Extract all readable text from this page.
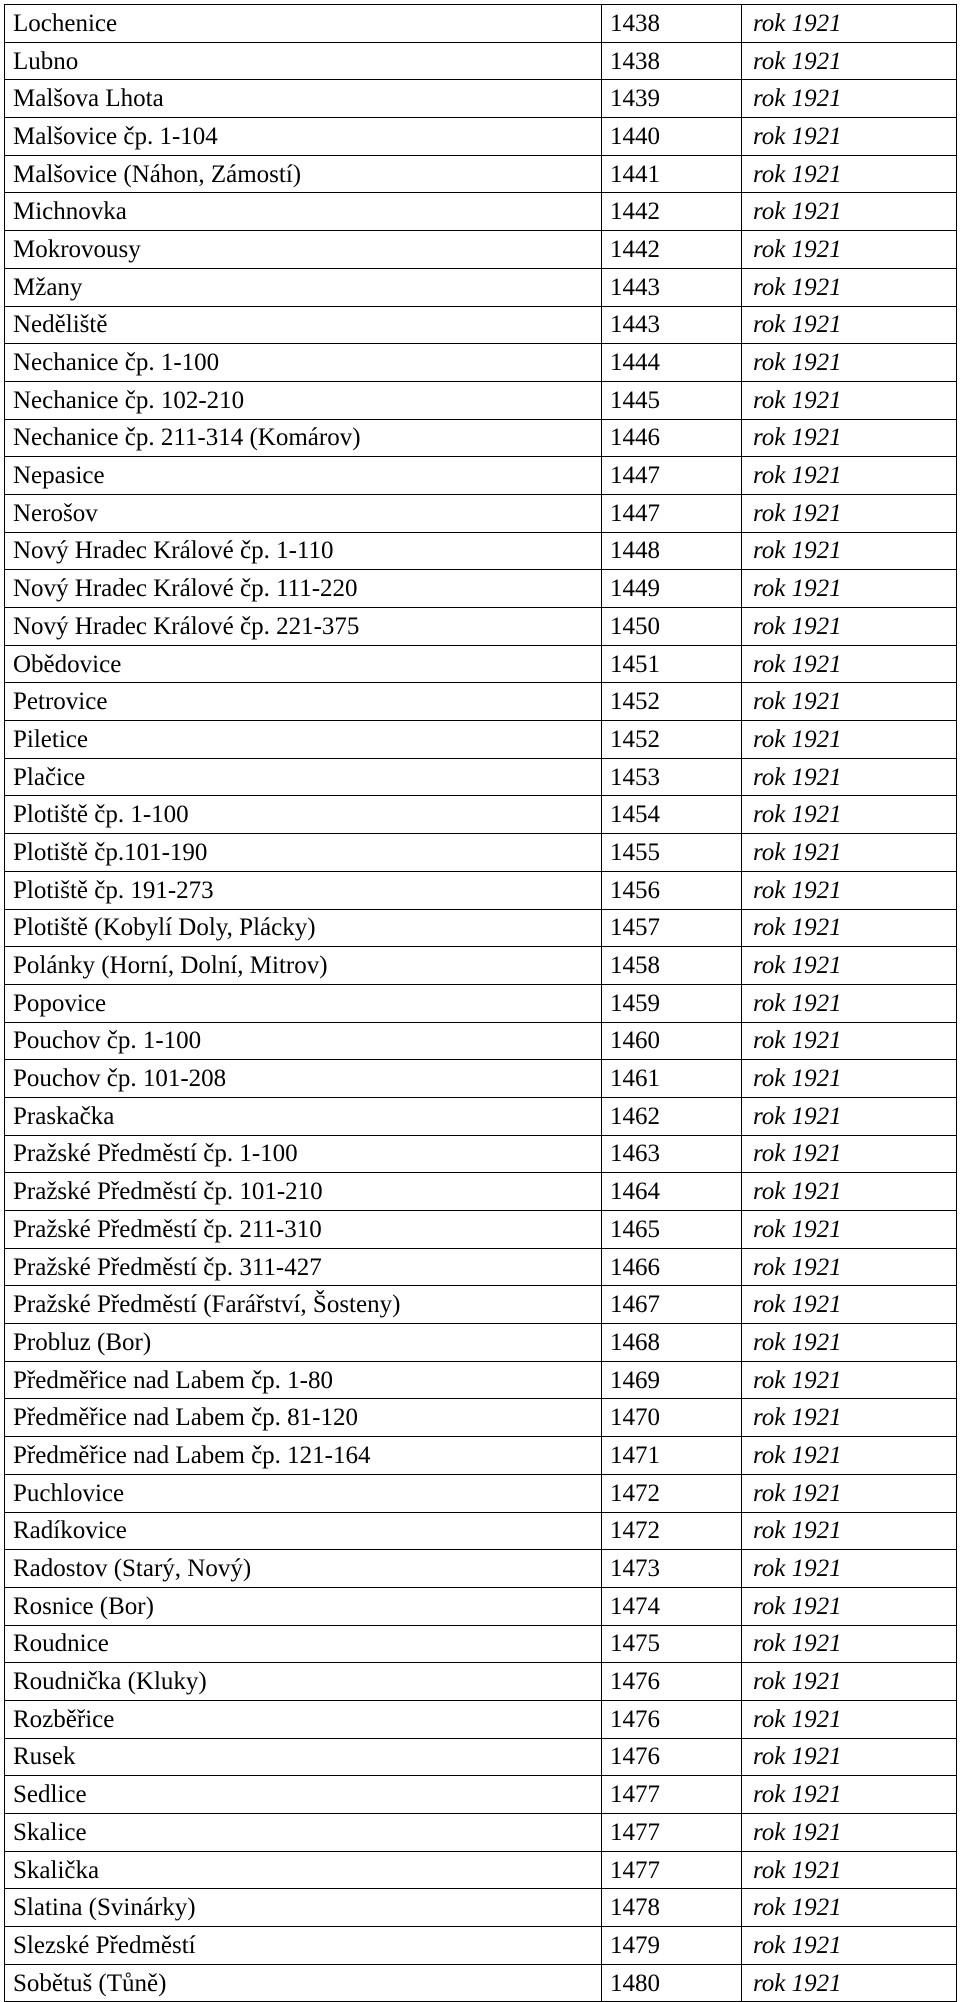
Lochenice	1438	rok 1921
Lubno	1438	rok 1921
Malšova Lhota	1439	rok 1921
Malšovice čp. 1-104	1440	rok 1921
Malšovice (Náhon, Zámostí)	1441	rok 1921
Michnovka	1442	rok 1921
Mokrovousy	1442	rok 1921
Mžany	1443	rok 1921
Neděliště	1443	rok 1921
Nechanice čp. 1-100	1444	rok 1921
Nechanice čp. 102-210	1445	rok 1921
Nechanice čp. 211-314 (Komárov)	1446	rok 1921
Nepasice	1447	rok 1921
Nerošov	1447	rok 1921
Nový Hradec Králové čp. 1-110	1448	rok 1921
Nový Hradec Králové čp. 111-220	1449	rok 1921
Nový Hradec Králové čp. 221-375	1450	rok 1921
Obědovice	1451	rok 1921
Petrovice	1452	rok 1921
Piletice	1452	rok 1921
Plačice	1453	rok 1921
Plotiště čp. 1-100	1454	rok 1921
Plotiště čp.101-190	1455	rok 1921
Plotiště čp. 191-273	1456	rok 1921
Plotiště (Kobylí Doly, Plácky)	1457	rok 1921
Polánky (Horní, Dolní, Mitrov)	1458	rok 1921
Popovice	1459	rok 1921
Pouchov čp. 1-100	1460	rok 1921
Pouchov čp. 101-208	1461	rok 1921
Praskačka	1462	rok 1921
Pražské Předměstí čp. 1-100	1463	rok 1921
Pražské Předměstí čp. 101-210	1464	rok 1921
Pražské Předměstí čp. 211-310	1465	rok 1921
Pražské Předměstí čp. 311-427	1466	rok 1921
Pražské Předměstí (Farářství, Šosteny)	1467	rok 1921
Probluz (Bor)	1468	rok 1921
Předměřice nad Labem čp. 1-80	1469	rok 1921
Předměřice nad Labem čp. 81-120	1470	rok 1921
Předměřice nad Labem čp. 121-164	1471	rok 1921
Puchlovice	1472	rok 1921
Radíkovice	1472	rok 1921
Radostov (Starý, Nový)	1473	rok 1921
Rosnice (Bor)	1474	rok 1921
Roudnice	1475	rok 1921
Roudnička (Kluky)	1476	rok 1921
Rozběřice	1476	rok 1921
Rusek	1476	rok 1921
Sedlice	1477	rok 1921
Skalice	1477	rok 1921
Skalička	1477	rok 1921
Slatina (Svinárky)	1478	rok 1921
Slezské Předměstí	1479	rok 1921
Sobětuš (Tůně)	1480	rok 1921
